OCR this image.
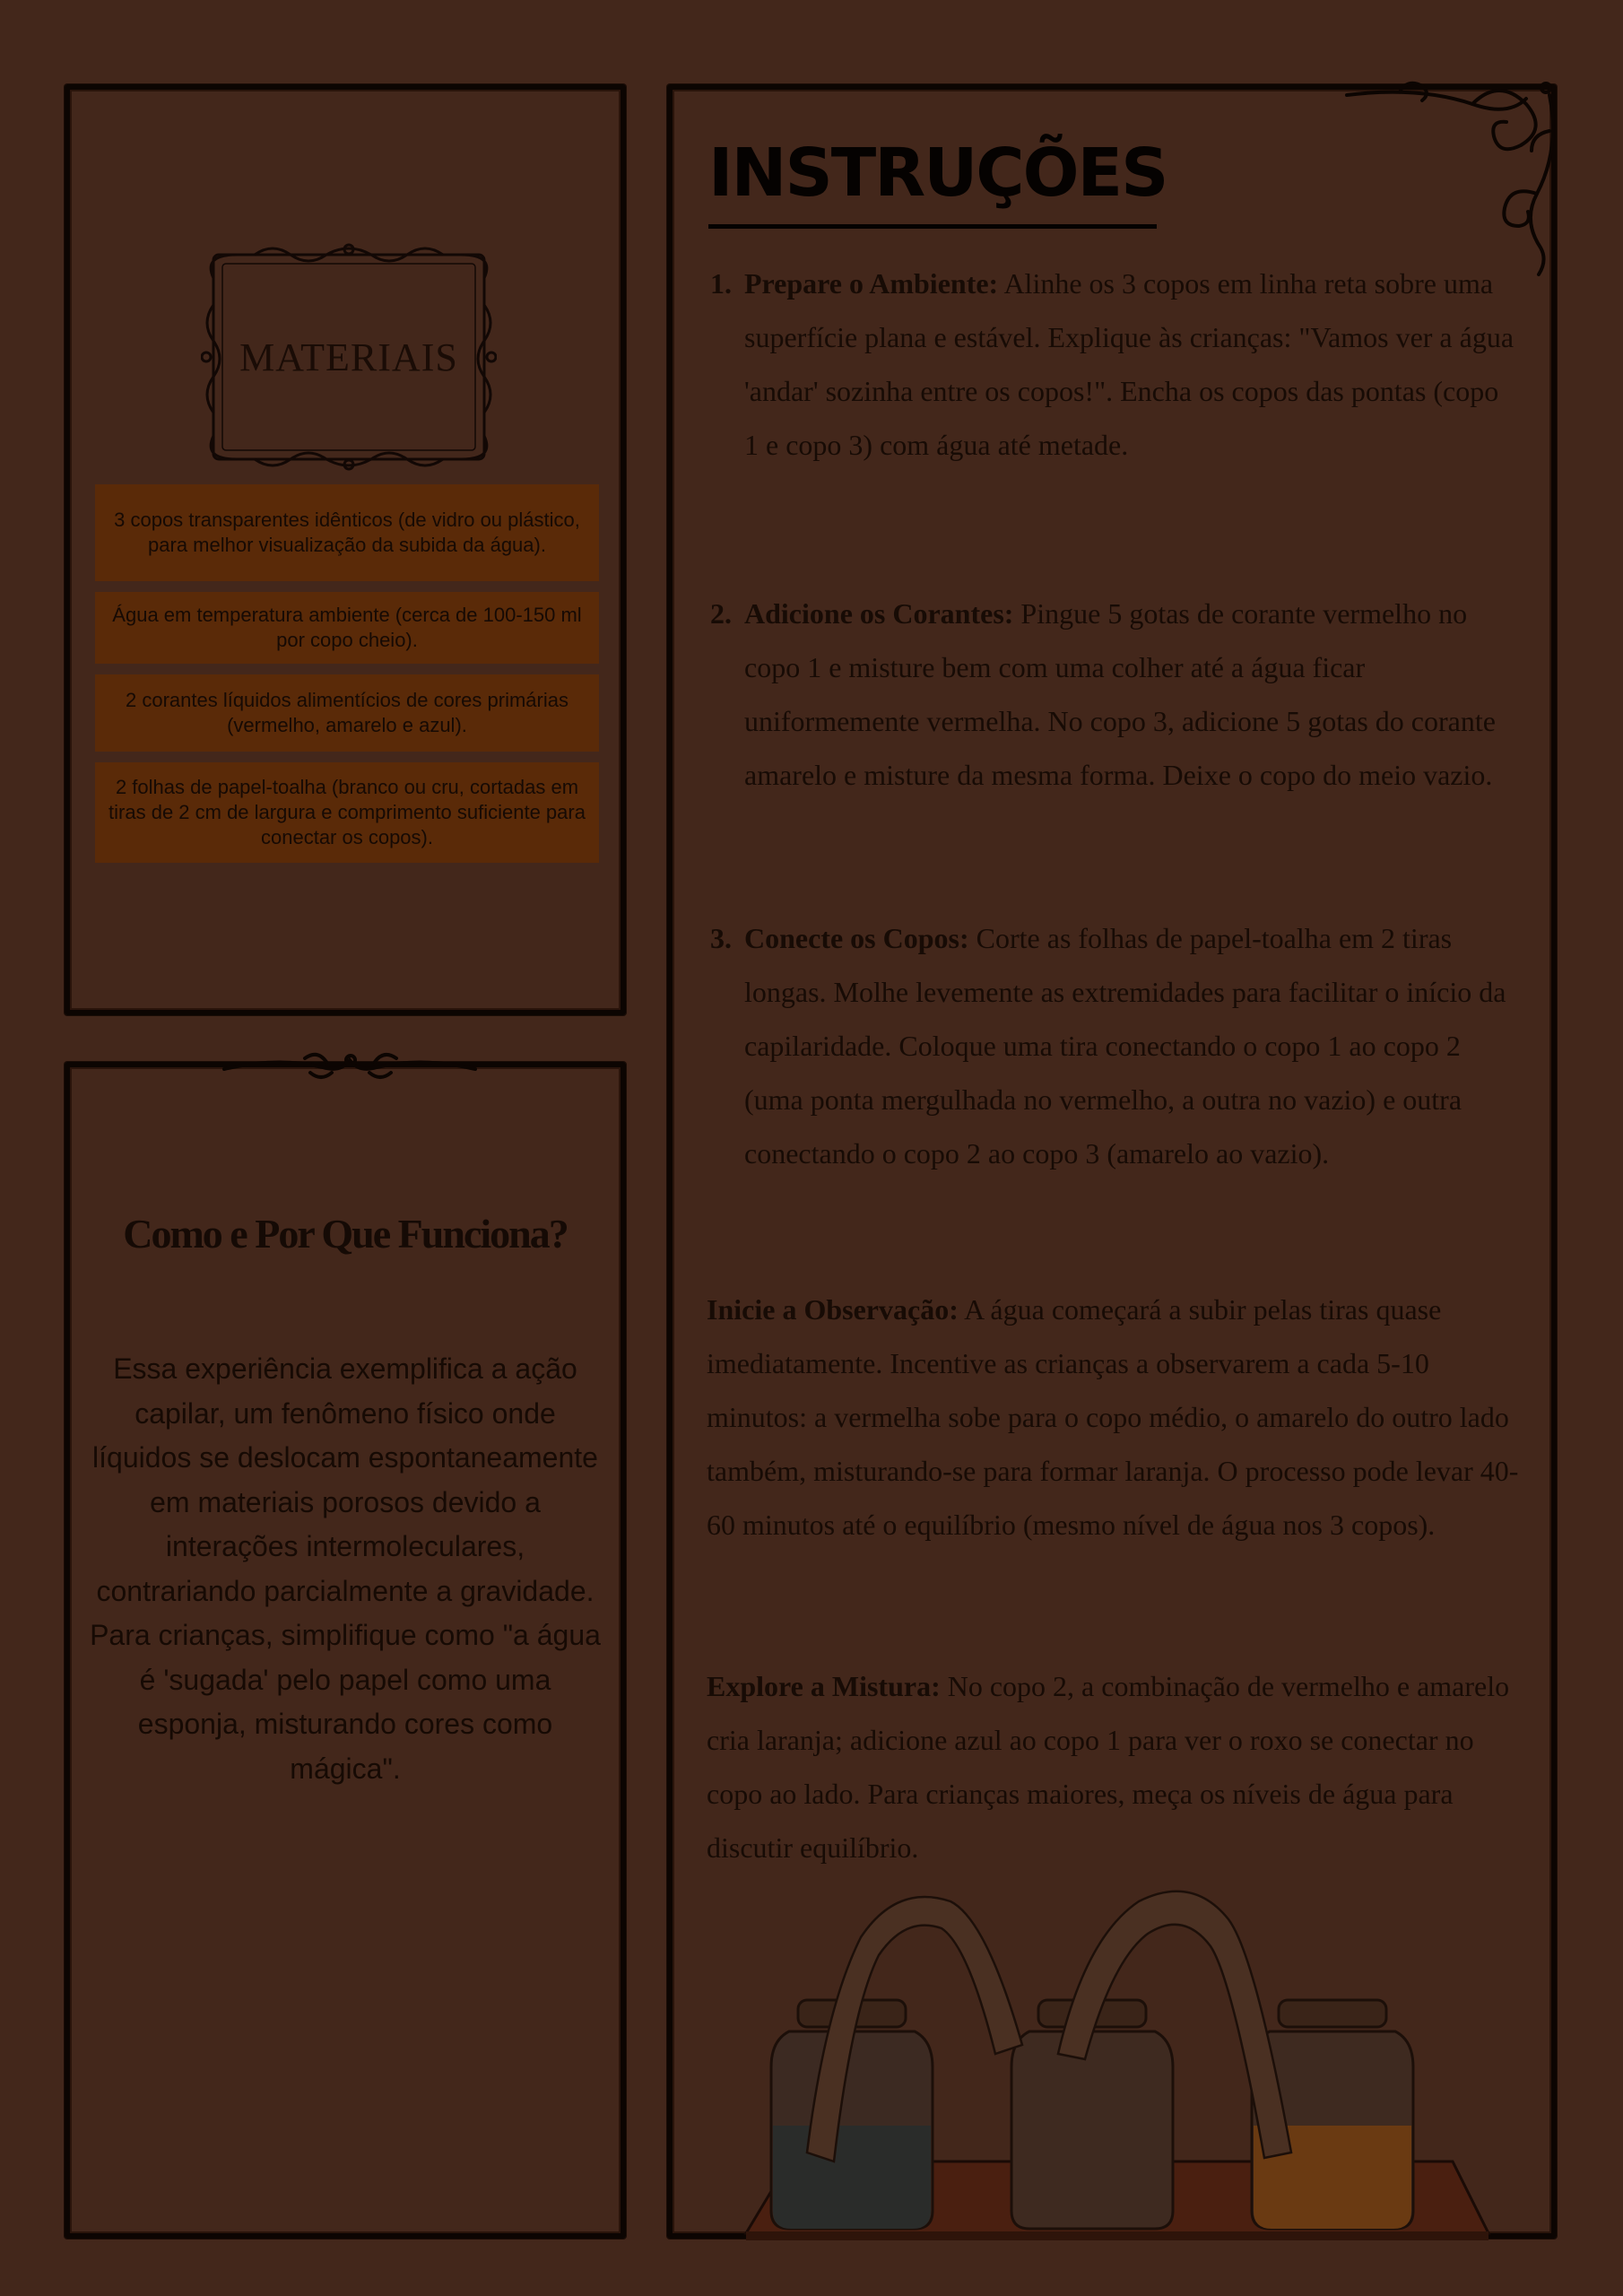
MATERIAIS
3 copos transparentes idênticos (de vidro ou plástico, para melhor visualização da subida da água).
Água em temperatura ambiente (cerca de 100-150 ml por copo cheio).
2 corantes líquidos alimentícios de cores primárias (vermelho, amarelo e azul).
2 folhas de papel-toalha (branco ou cru, cortadas em tiras de 2 cm de largura e comprimento suficiente para conectar os copos).
Como e Por Que Funciona?
Essa experiência exemplifica a ação capilar, um fenômeno físico onde líquidos se deslocam espontaneamente em materiais porosos devido a interações intermoleculares, contrariando parcialmente a gravidade. Para crianças, simplifique como "a água é 'sugada' pelo papel como uma esponja, misturando cores como mágica".
INSTRUÇÕES
1. Prepare o Ambiente: Alinhe os 3 copos em linha reta sobre uma superfície plana e estável. Explique às crianças: "Vamos ver a água 'andar' sozinha entre os copos!". Encha os copos das pontas (copo 1 e copo 3) com água até metade.
2. Adicione os Corantes: Pingue 5 gotas de corante vermelho no copo 1 e misture bem com uma colher até a água ficar uniformemente vermelha. No copo 3, adicione 5 gotas do corante amarelo e misture da mesma forma. Deixe o copo do meio vazio.
3. Conecte os Copos: Corte as folhas de papel-toalha em 2 tiras longas. Molhe levemente as extremidades para facilitar o início da capilaridade. Coloque uma tira conectando o copo 1 ao copo 2 (uma ponta mergulhada no vermelho, a outra no vazio) e outra conectando o copo 2 ao copo 3 (amarelo ao vazio).
Inicie a Observação: A água começará a subir pelas tiras quase imediatamente. Incentive as crianças a observarem a cada 5-10 minutos: a vermelha sobe para o copo médio, o amarelo do outro lado também, misturando-se para formar laranja. O processo pode levar 40-60 minutos até o equilíbrio (mesmo nível de água nos 3 copos).
Explore a Mistura: No copo 2, a combinação de vermelho e amarelo cria laranja; adicione azul ao copo 1 para ver o roxo se conectar no copo ao lado. Para crianças maiores, meça os níveis de água para discutir equilíbrio.
